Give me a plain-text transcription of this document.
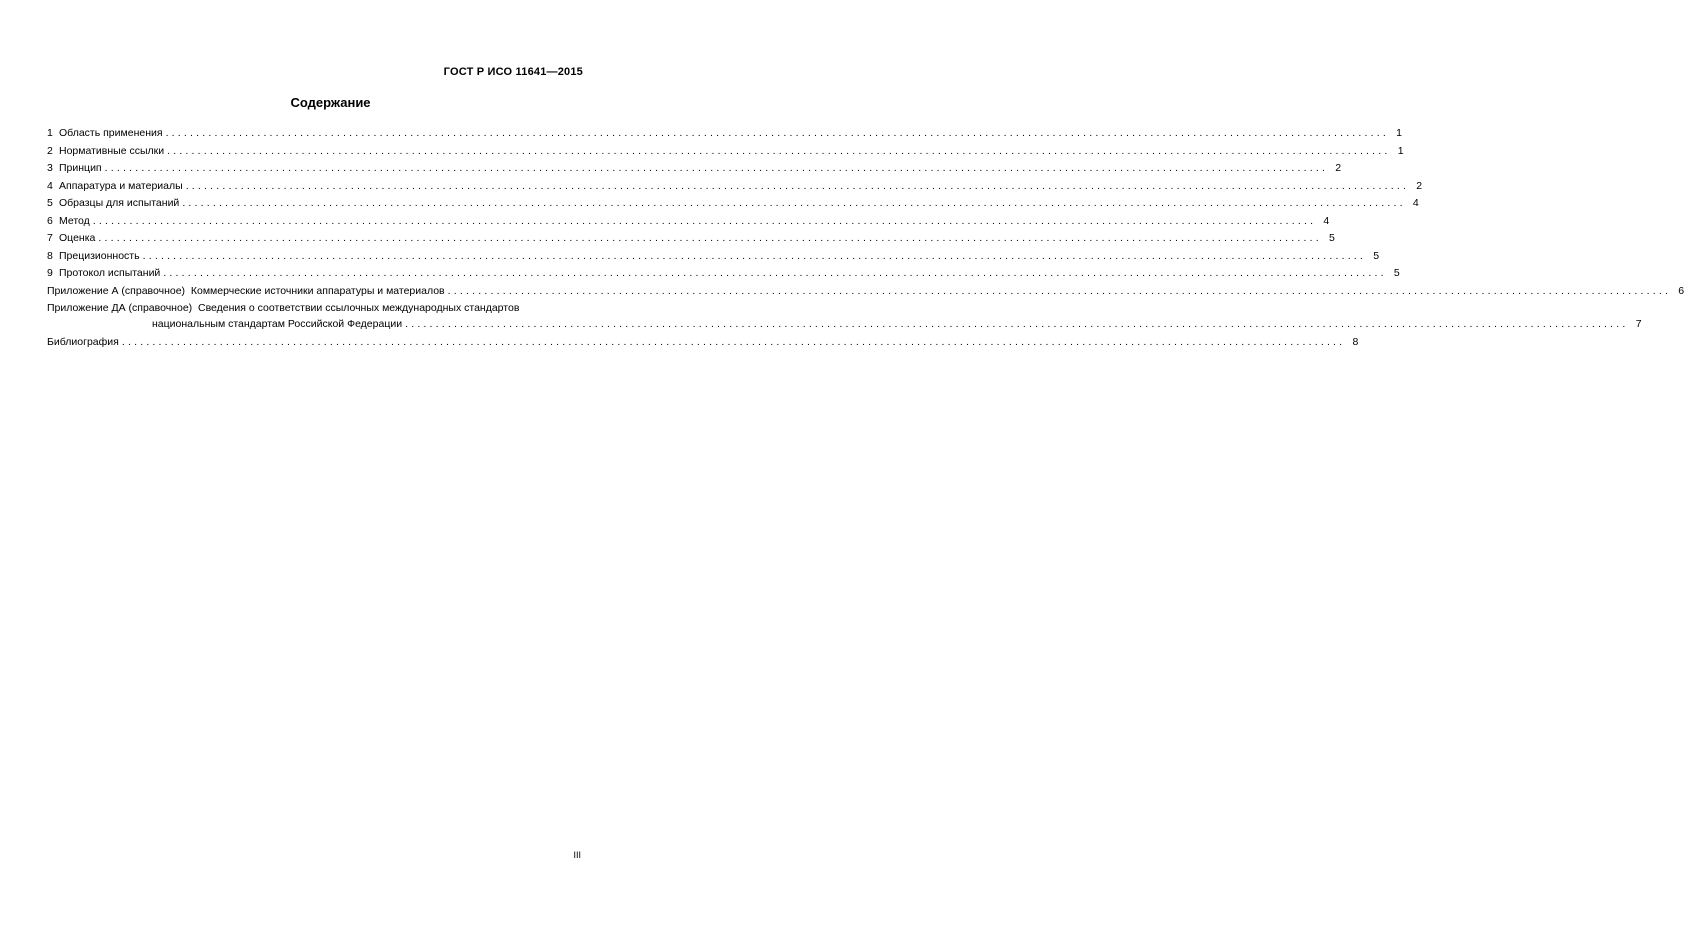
ГОСТ Р ИСО 11641—2015
Содержание
1 Область применения ........................................................................................................................................................................................................ 1
2 Нормативные ссылки ........................................................................................................................................................................................................ 1
3 Принцип ........................................................................................................................................................................................................ 2
4 Аппаратура и материалы ........................................................................................................................................................................................................ 2
5 Образцы для испытаний ........................................................................................................................................................................................................ 4
6 Метод ........................................................................................................................................................................................................ 4
7 Оценка ........................................................................................................................................................................................................ 5
8 Прецизионность ........................................................................................................................................................................................................ 5
9 Протокол испытаний ........................................................................................................................................................................................................ 5
Приложение А (справочное)  Коммерческие источники аппаратуры и материалов ........................................................................................................................................................................................................ 6
Приложение ДА (справочное)  Сведения о соответствии ссылочных международных стандартов
национальным стандартам Российской Федерации ........................................................................................................................................................................................................ 7
Библиография ........................................................................................................................................................................................................ 8
III
